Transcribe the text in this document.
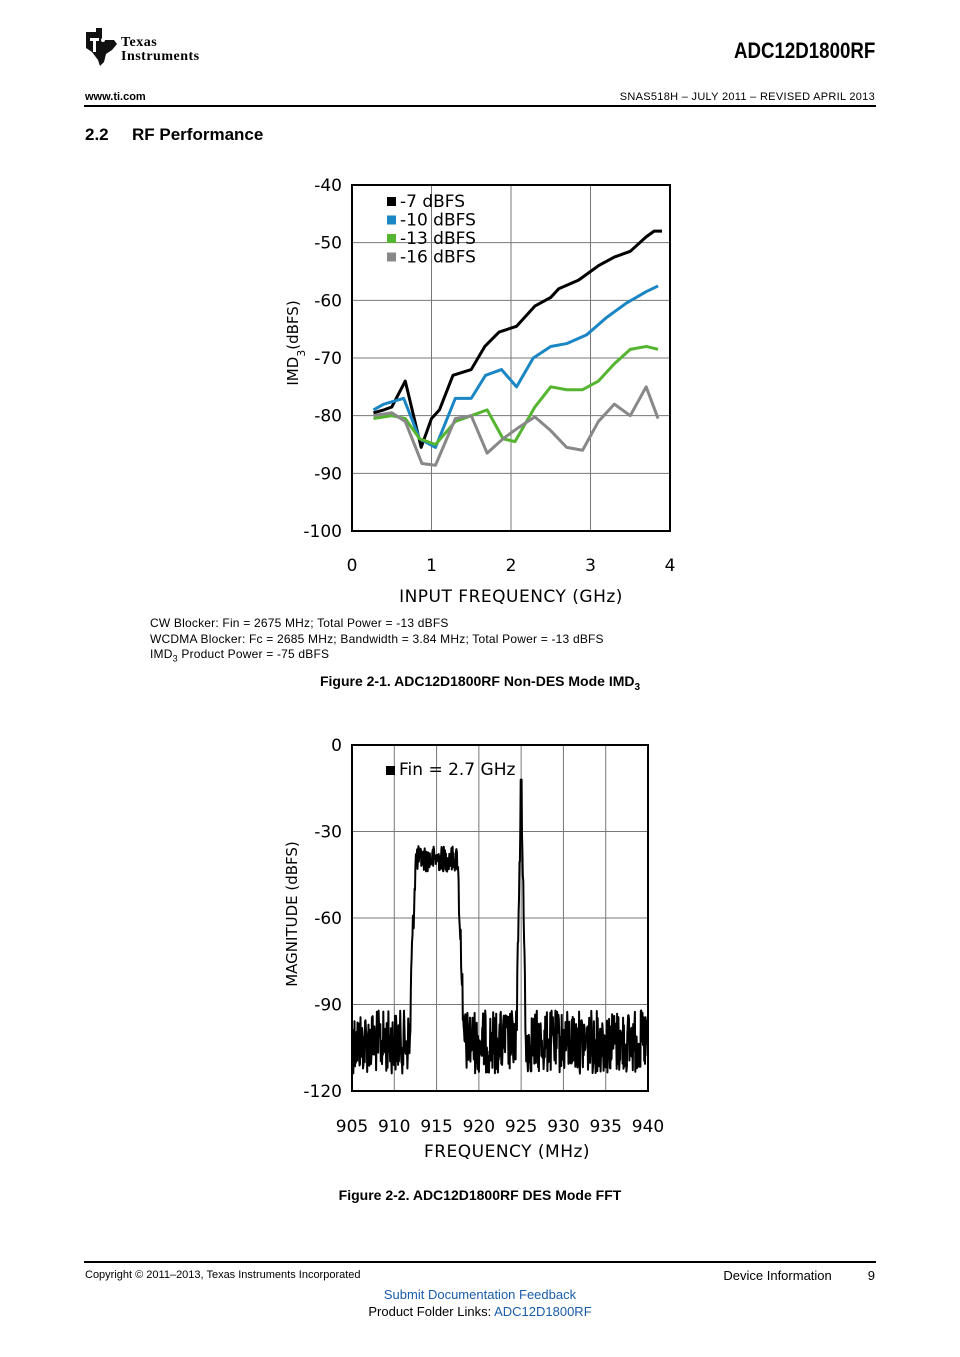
Texas
Instruments	ADC12D1800RF
www.ti.com	SNAS518H – JULY 2011 – REVISED APRIL 2013
2.2 RF Performance
0	1	2	3	4
-40
-50
-60
-70
-80
-90
-100
-7 dBFS
-10 dBFS
-13 dBFS
-16 dBFS
INPUT FREQUENCY (GHz)
$IMD_3(dBFS)$
CW Blocker: Fin = 2675 MHz; Total Power = -13 dBFS
WCDMA Blocker: Fc = 2685 MHz; Bandwidth = 3.84 MHz; Total Power = -13 dBFS
$IMD_3$ Product Power = -75 dBFS
Figure 2-1. ADC12D1800RF Non-DES Mode $IMD_3$
905 910 915 920 925 930 935 940
0
-30
-60
-90
-120
Fin = 2.7 GHz
FREQUENCY (MHz)
MAGNITUDE (dBFS)
Figure 2-2. ADC12D1800RF DES Mode FFT
Copyright © 2011–2013, Texas Instruments Incorporated	Device Information	9
Submit Documentation Feedback
Product Folder Links: ADC12D1800RF
